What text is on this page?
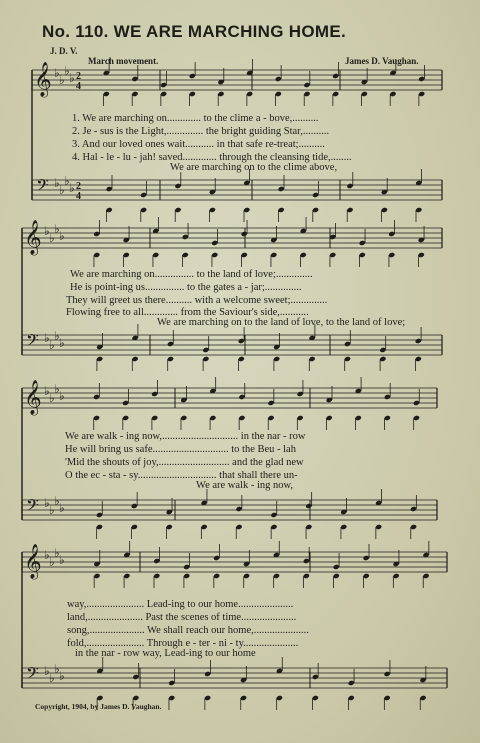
No. 110. WE ARE MARCHING HOME.
J. D. V.
March movement.	James D. Vaughan.
𝄞
𝄢
♭ ♭
♭ ♭
♭ ♭
♭ ♭
2
4
2
4
𝄞
𝄢
♭ ♭
♭ ♭
♭ ♭
♭ ♭
𝄞
𝄢
♭ ♭
♭ ♭
♭ ♭
♭ ♭
𝄞
𝄢
♭ ♭
♭ ♭
♭ ♭
♭ ♭
1. We are marching on............. to the clime a - bove,..........
2. Je - sus is the Light,.............. the bright guiding Star,..........
3. And our loved ones wait........... in that safe re-treat;..........
4. Hal - le - lu - jah! saved............. through the cleansing tide,........
We are marching on to the clime above,
We are marching on............... to the land of love;..............
He is point-ing us............... to the gates a - jar;..............
They will greet us there.......... with a welcome sweet;..............
Flowing free to all............. from the Saviour's side,...........
We are marching on to the land of love, to the land of love;
We are walk - ing now,............................. in the nar - row
He will bring us safe............................. to the Beu - lah
'Mid the shouts of joy,........................... and the glad new
O the ec - sta - sy.............................. that shall there un-
We are walk - ing now,
way,...................... Lead-ing to our home.....................
land,..................... Past the scenes of time.....................
song,..................... We shall reach our home,.....................
fold,...................... Through e - ter - ni - ty.....................
in the nar - row way, Lead-ing to our home
Copyright, 1904, by James D. Vaughan.
